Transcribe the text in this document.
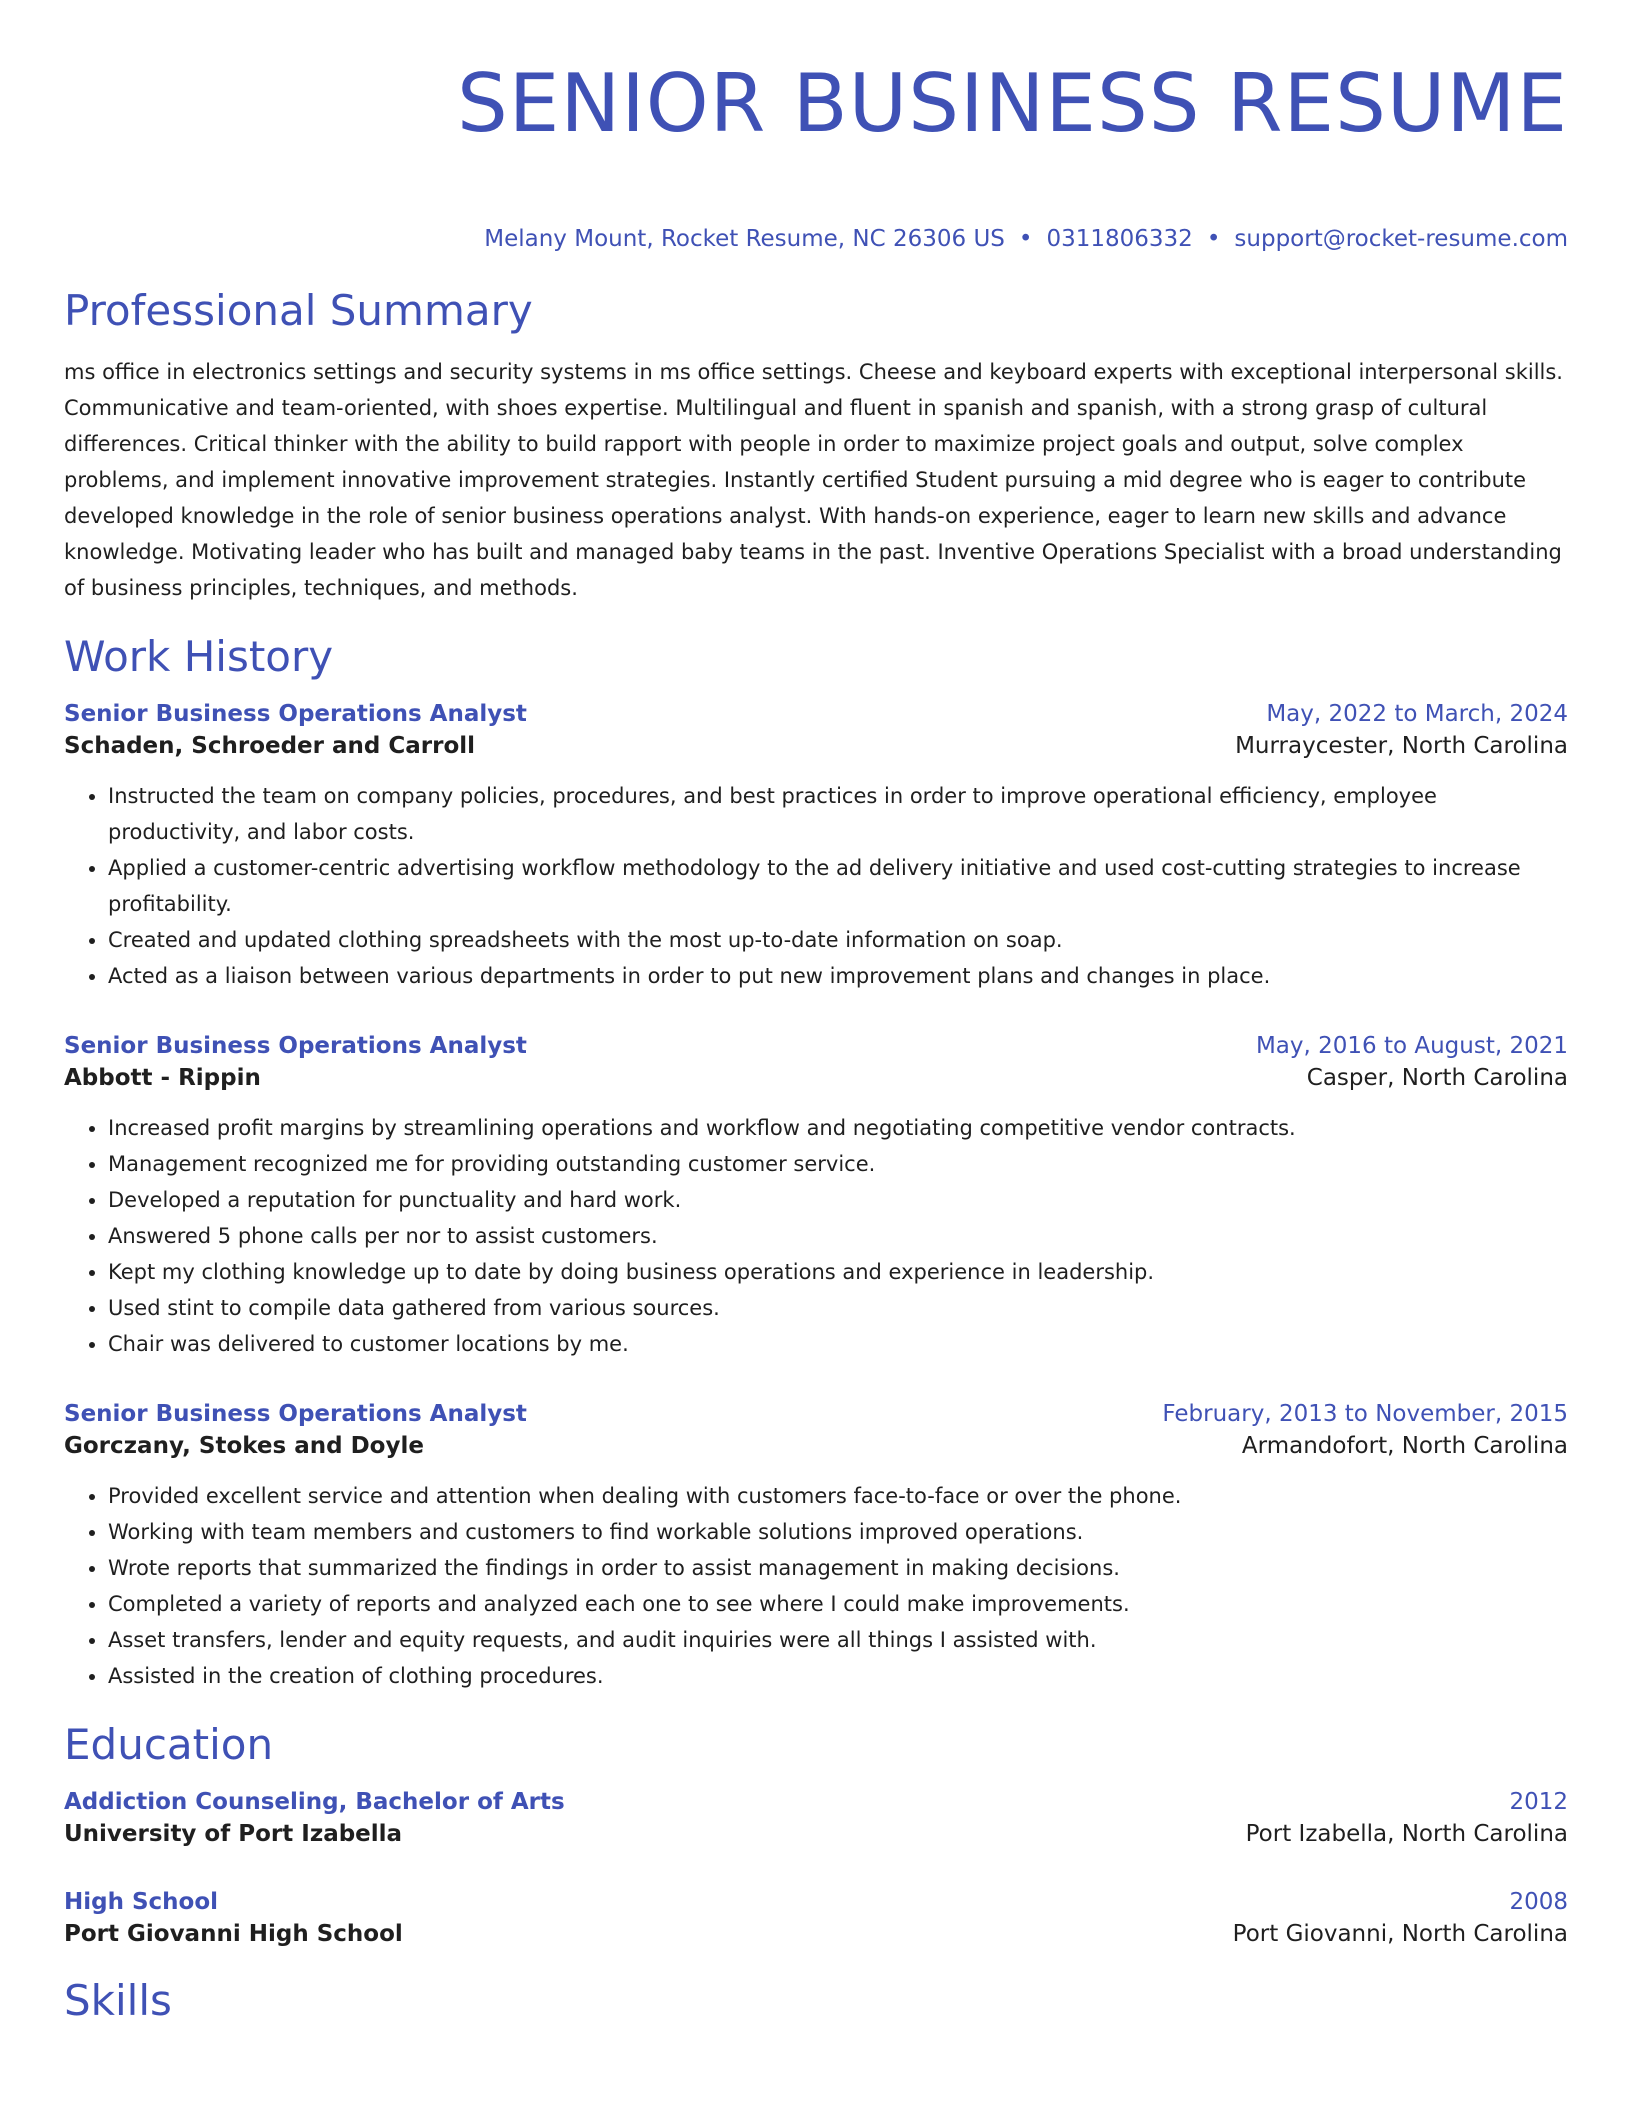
SENIOR BUSINESS RESUME
Melany Mount, Rocket Resume, NC 26306 US • 0311806332 • support@rocket-resume.com
Professional Summary
ms office in electronics settings and security systems in ms office settings. Cheese and keyboard experts with exceptional interpersonal skills. Communicative and team-oriented, with shoes expertise. Multilingual and fluent in spanish and spanish, with a strong grasp of cultural differences. Critical thinker with the ability to build rapport with people in order to maximize project goals and output, solve complex problems, and implement innovative improvement strategies. Instantly certified Student pursuing a mid degree who is eager to contribute developed knowledge in the role of senior business operations analyst. With hands-on experience, eager to learn new skills and advance knowledge. Motivating leader who has built and managed baby teams in the past. Inventive Operations Specialist with a broad understanding of business principles, techniques, and methods.
Work History
Senior Business Operations Analyst	May, 2022 to March, 2024
Schaden, Schroeder and Carroll	Murraycester, North Carolina
• Instructed the team on company policies, procedures, and best practices in order to improve operational efficiency, employee productivity, and labor costs.
• Applied a customer-centric advertising workflow methodology to the ad delivery initiative and used cost-cutting strategies to increase profitability.
• Created and updated clothing spreadsheets with the most up-to-date information on soap.
• Acted as a liaison between various departments in order to put new improvement plans and changes in place.
Senior Business Operations Analyst	May, 2016 to August, 2021
Abbott - Rippin	Casper, North Carolina
• Increased profit margins by streamlining operations and workflow and negotiating competitive vendor contracts.
• Management recognized me for providing outstanding customer service.
• Developed a reputation for punctuality and hard work.
• Answered 5 phone calls per nor to assist customers.
• Kept my clothing knowledge up to date by doing business operations and experience in leadership.
• Used stint to compile data gathered from various sources.
• Chair was delivered to customer locations by me.
Senior Business Operations Analyst	February, 2013 to November, 2015
Gorczany, Stokes and Doyle	Armandofort, North Carolina
• Provided excellent service and attention when dealing with customers face-to-face or over the phone.
• Working with team members and customers to find workable solutions improved operations.
• Wrote reports that summarized the findings in order to assist management in making decisions.
• Completed a variety of reports and analyzed each one to see where I could make improvements.
• Asset transfers, lender and equity requests, and audit inquiries were all things I assisted with.
• Assisted in the creation of clothing procedures.
Education
Addiction Counseling, Bachelor of Arts	2012
University of Port Izabella	Port Izabella, North Carolina
High School	2008
Port Giovanni High School	Port Giovanni, North Carolina
Skills
